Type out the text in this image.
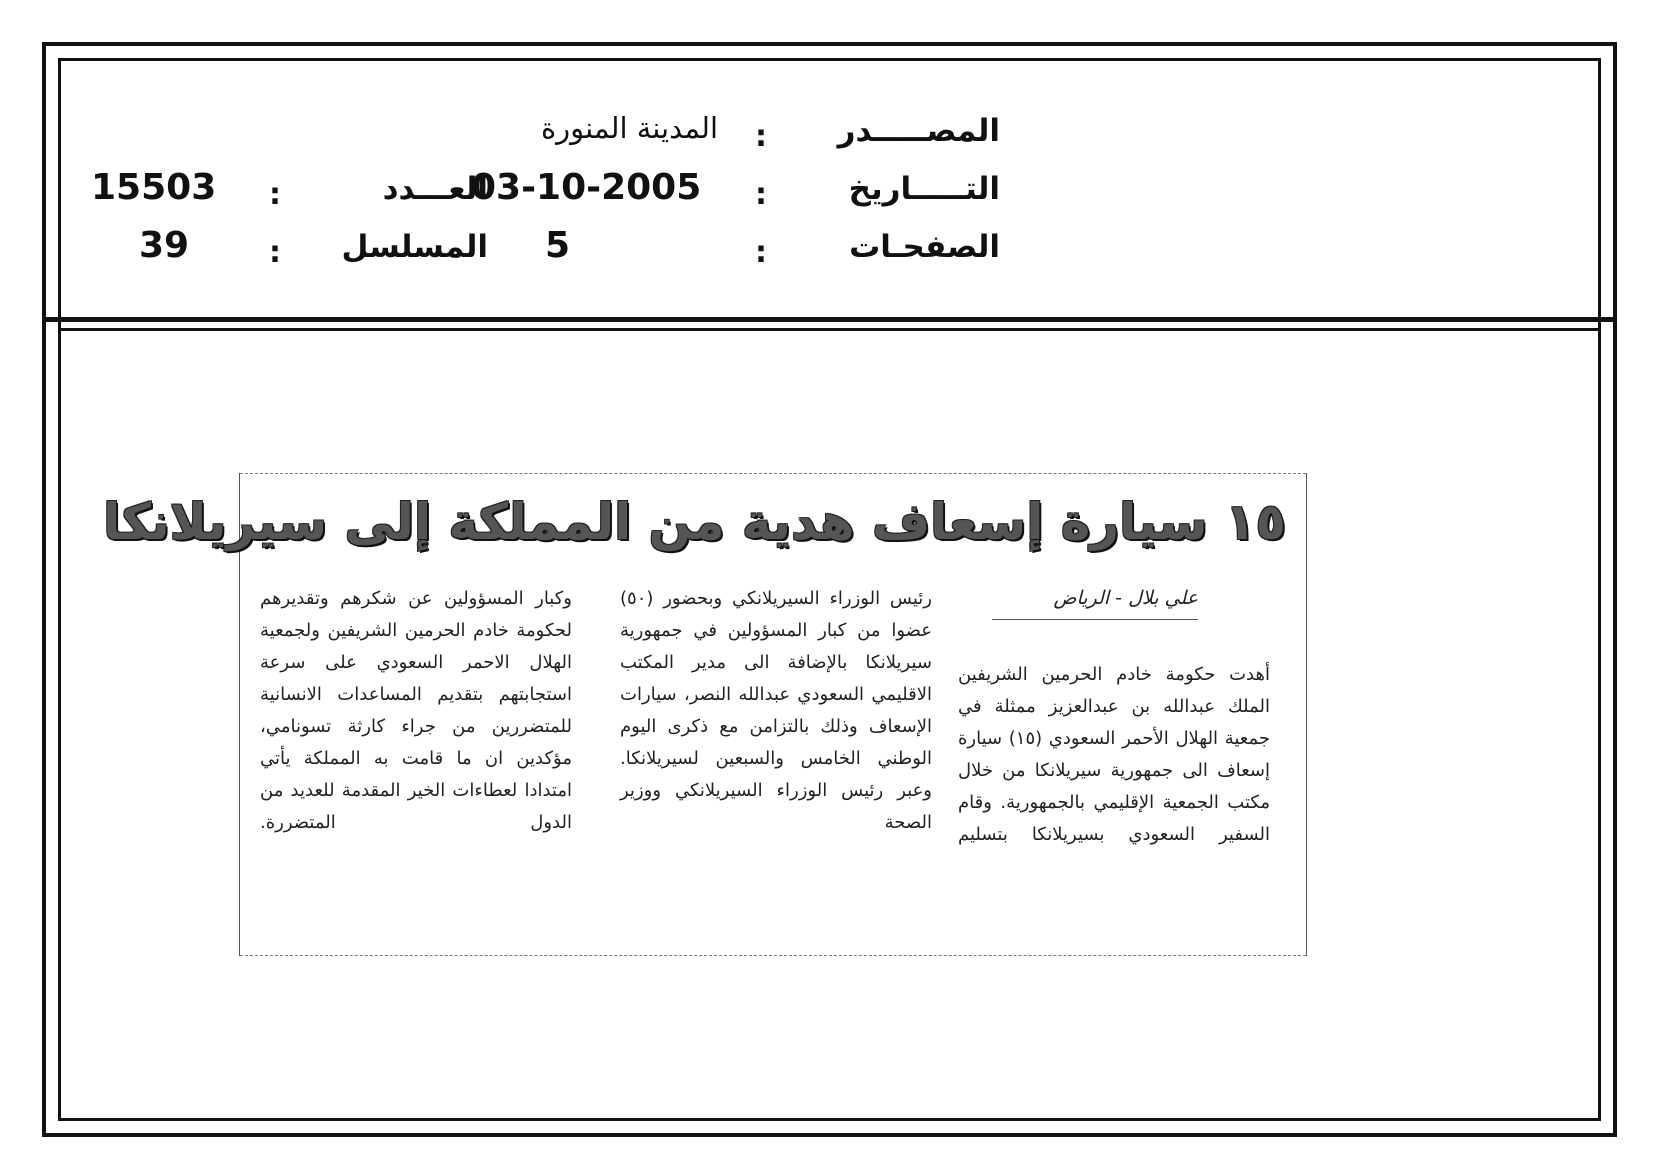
المصـــــدر
:
المدينة المنورة
التـــــاريخ
:
03-10-2005
العـــدد
:
15503
الصفحـات
:
5
المسلسل
:
39
١٥ سيارة إسعاف هدية من المملكة إلى سيريلانكا
علي بلال - الرياض

أهدت حكومة خادم الحرمين الشريفين الملك عبدالله بن عبدالعزيز ممثلة في جمعية الهلال الأحمر السعودي (١٥) سيارة إسعاف الى جمهورية سيريلانكا من خلال مكتب الجمعية الإقليمي بالجمهورية. وقام السفير السعودي بسيريلانكا بتسليم

رئيس الوزراء السيريلانكي وبحضور (٥٠) عضوا من كبار المسؤولين في جمهورية سيريلانكا بالإضافة الى مدير المكتب الاقليمي السعودي عبدالله النصر، سيارات الإسعاف وذلك بالتزامن مع ذكرى اليوم الوطني الخامس والسبعين لسيريلانكا. وعبر رئيس الوزراء السيريلانكي ووزير الصحة

وكبار المسؤولين عن شكرهم وتقديرهم لحكومة خادم الحرمين الشريفين ولجمعية الهلال الاحمر السعودي على سرعة استجابتهم بتقديم المساعدات الانسانية للمتضررين من جراء كارثة تسونامي، مؤكدين ان ما قامت به المملكة يأتي امتدادا لعطاءات الخير المقدمة للعديد من الدول المتضررة.
